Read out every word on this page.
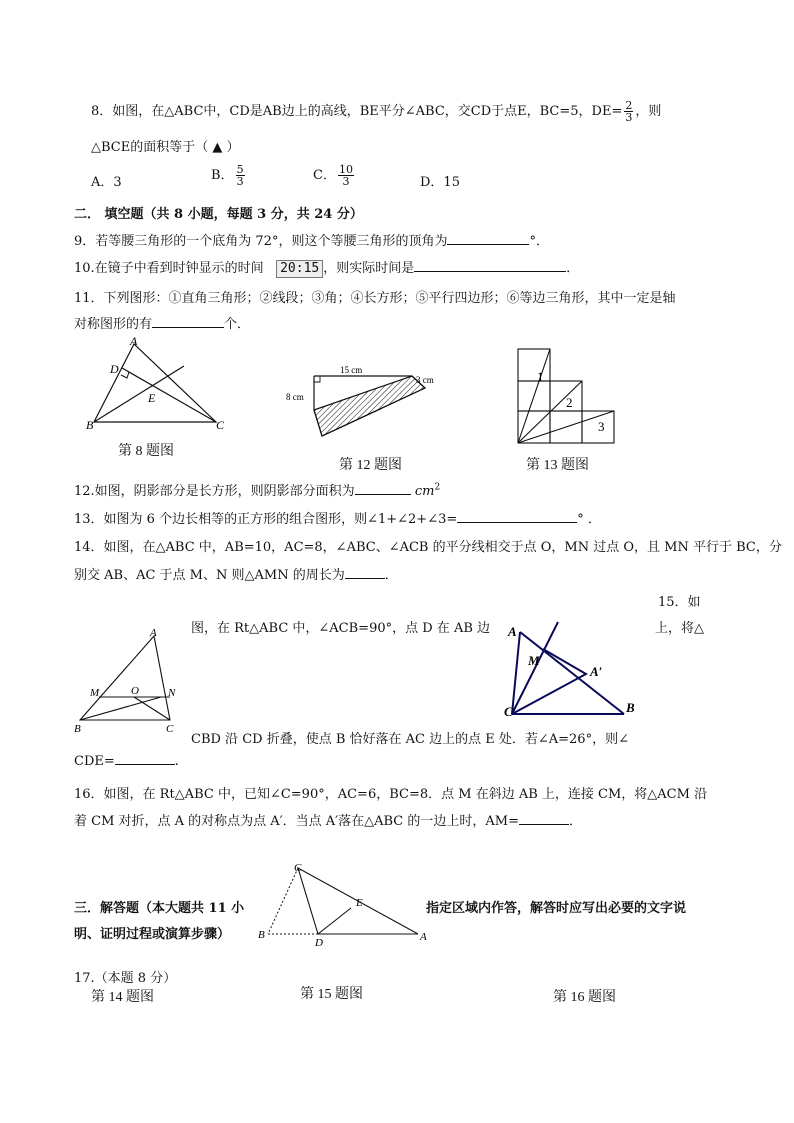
8．如图，在△ABC中，CD是AB边上的高线，BE平分∠ABC，交CD于点E，BC=5，$DE= \frac{2}{3}$ ，则
△BCE的面积等于（ ▲ ）
A．3	B． $\frac{5}{3}$	C． $\frac{10}{3}$	D．15
二． 填空题（共 8 小题，每题 3 分，共 24 分）
9．若等腰三角形的一个底角为 72°，则这个等腰三角形的顶角为	°．
10.在镜子中看到时钟显示的时间 20:15 ，则实际时间是	．
11．下列图形：①直角三角形；②线段；③角；④长方形；⑤平行四边形；⑥等边三角形，其中一定是轴
对称图形的有	个．
A
D
E
B	C
第 8 题图
15 cm
3 cm
8 cm
第 12 题图
1
2
3
第 13 题图
12.如图，阴影部分是长方形，则阴影部分面积为	$cm^2$
13．如图为 6 个边长相等的正方形的组合图形，则∠1+∠2+∠3=	° ．
14．如图，在△ABC 中，AB=10，AC=8，∠ABC、∠ACB 的平分线相交于点 O，MN 过点 O，且 MN 平行于 BC，分
别交 AB、AC 于点 M、N 则△AMN 的周长为	．
15．如
图，在 Rt△ABC 中，∠ACB=90°，点 D 在 AB 边	上，将△
CBD 沿 CD 折叠，使点 B 恰好落在 AC 边上的点 E 处．若∠A=26°，则∠
CDE=	.
A
M	O	N
B	C
A
M
A′
C	B
16．如图，在 Rt△ABC 中，已知∠C=90°，AC=6，BC=8．点 M 在斜边 AB 上，连接 CM，将△ACM 沿
着 CM 对折，点 A 的对称点为点 A′．当点 A′落在△ABC 的一边上时，AM=	．
三．解答题（本大题共 11 小	指定区域内作答，解答时应写出必要的文字说
明、证明过程或演算步骤）
C
E
B
D	A
17.（本题 8 分）
第 14 题图	第 15 题图	第 16 题图
